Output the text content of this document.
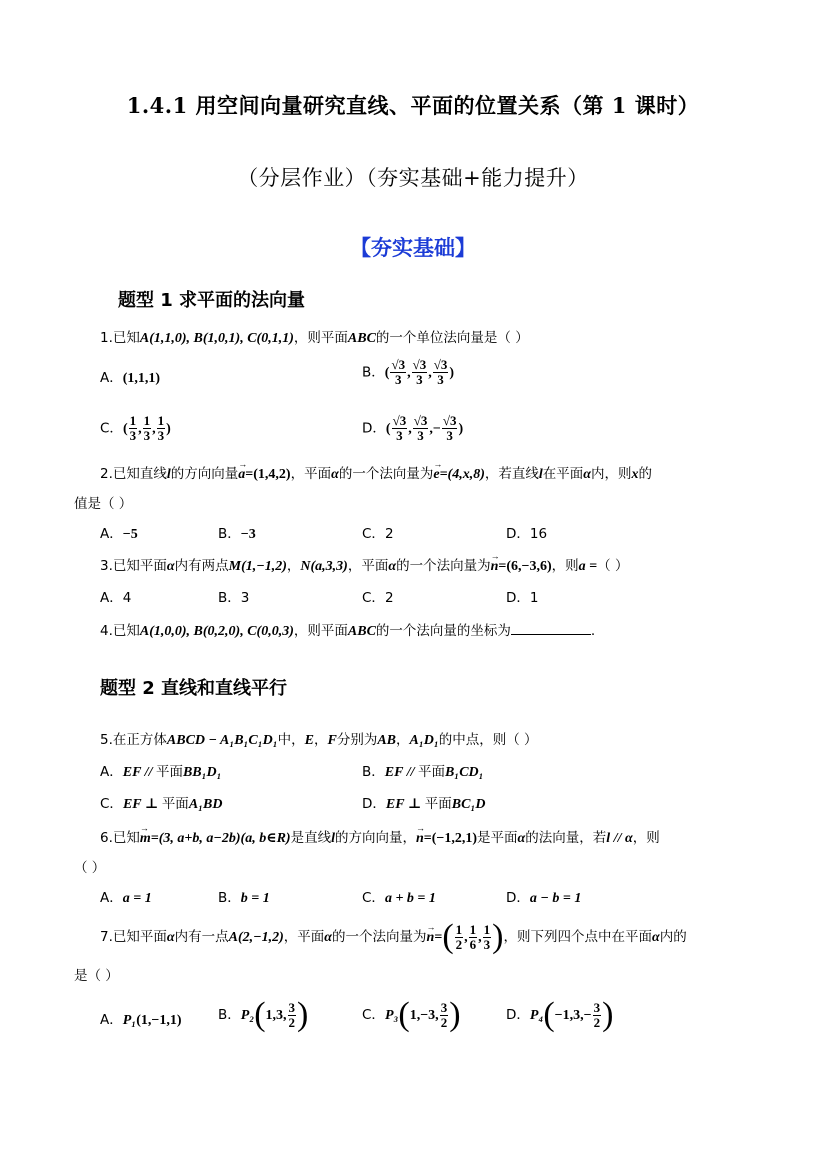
1.4.1 用空间向量研究直线、平面的位置关系（第 1 课时）
（分层作业）（夯实基础+能力提升）
【夯实基础】
题型 1 求平面的法向量
1.已知A(1,1,0), B(1,0,1), C(0,1,1)，则平面ABC的一个单位法向量是（ ）
A．(1,1,1)	B．( $\frac{√3}{3}$ , $\frac{√3}{3}$ , $\frac{√3}{3}$ )
C．( $\frac{1}{3}$ , $\frac{1}{3}$ , $\frac{1}{3}$ )	D．( $\frac{√3}{3}$ , $\frac{√3}{3}$ ,− $\frac{√3}{3}$ )
2.已知直线l的方向向量→ a=(1,4,2)，平面α的一个法向量为→ e=(4,x,8)，若直线l在平面α内，则x的
值是（ ）
A．−5	B．−3	C．2	D．16
3.已知平面α内有两点M(1,−1,2)，N(a,3,3)，平面α的一个法向量为→ n=(6,−3,6)，则a =（ ）
A．4	B．3	C．2	D．1
4.已知A(1,0,0), B(0,2,0), C(0,0,3)，则平面ABC的一个法向量的坐标为	.
题型 2 直线和直线平行
5.在正方体ABCD − A₁B₁C₁D₁中，E，F分别为AB，A₁D₁的中点，则（ ）
A．EF // 平面BB₁D₁	B．EF // 平面B₁CD₁
C．EF ⊥ 平面A₁BD	D．EF ⊥ 平面BC₁D
6.已知→ m=(3, a+b, a−2b)(a, b∈R)是直线l的方向向量，→ n=(−1,2,1)是平面α的法向量，若l // α，则
（ ）
A．a = 1	B．b = 1	C．a + b = 1	D．a − b = 1
7.已知平面α内有一点A(2,−1,2)，平面α的一个法向量为→ $n=( \frac{1}{2}$ , $\frac{1}{6}$ , $\frac{1}{3}$ )，则下列四个点中在平面α内的
是（ ）
A．P₁(1,−1,1)	B．P₂(1,3, $\frac{3}{2}$ )	C．P₃(1,−3, $\frac{3}{2}$ )	D．$P_4(-1,3,- \frac{3}{2}$ )
